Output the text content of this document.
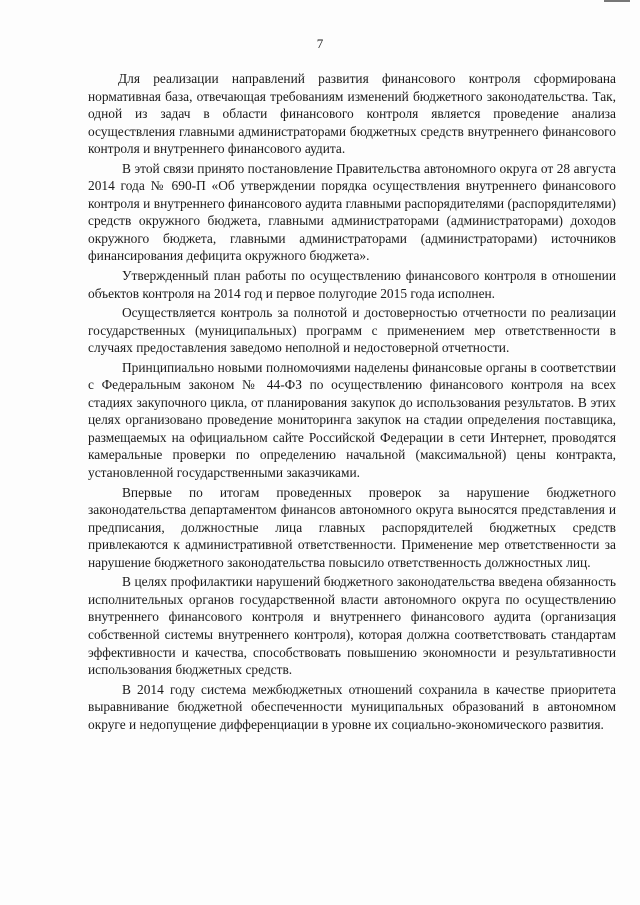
7

Для реализации направлений развития финансового контроля сформирована нормативная база, отвечающая требованиям изменений бюджетного законодательства. Так, одной из задач в области финансового контроля является проведение анализа осуществления главными администраторами бюджетных средств внутреннего финансового контроля и внутреннего финансового аудита.

В этой связи принято постановление Правительства автономного округа от 28 августа 2014 года № 690-П «Об утверждении порядка осуществления внутреннего финансового контроля и внутреннего финансового аудита главными распорядителями (распорядителями) средств окружного бюджета, главными администраторами (администраторами) доходов окружного бюджета, главными администраторами (администраторами) источников финансирования дефицита окружного бюджета».

Утвержденный план работы по осуществлению финансового контроля в отношении объектов контроля на 2014 год и первое полугодие 2015 года исполнен.

Осуществляется контроль за полнотой и достоверностью отчетности по реализации государственных (муниципальных) программ с применением мер ответственности в случаях предоставления заведомо неполной и недостоверной отчетности.

Принципиально новыми полномочиями наделены финансовые органы в соответствии с Федеральным законом № 44-ФЗ по осуществлению финансового контроля на всех стадиях закупочного цикла, от планирования закупок до использования результатов. В этих целях организовано проведение мониторинга закупок на стадии определения поставщика, размещаемых на официальном сайте Российской Федерации в сети Интернет, проводятся камеральные проверки по определению начальной (максимальной) цены контракта, установленной государственными заказчиками.

Впервые по итогам проведенных проверок за нарушение бюджетного законодательства департаментом финансов автономного округа выносятся представления и предписания, должностные лица главных распорядителей бюджетных средств привлекаются к административной ответственности. Применение мер ответственности за нарушение бюджетного законодательства повысило ответственность должностных лиц.

В целях профилактики нарушений бюджетного законодательства введена обязанность исполнительных органов государственной власти автономного округа по осуществлению внутреннего финансового контроля и внутреннего финансового аудита (организация собственной системы внутреннего контроля), которая должна соответствовать стандартам эффективности и качества, способствовать повышению экономности и результативности использования бюджетных средств.

В 2014 году система межбюджетных отношений сохранила в качестве приоритета выравнивание бюджетной обеспеченности муниципальных образований в автономном округе и недопущение дифференциации в уровне их социально-экономического развития.
